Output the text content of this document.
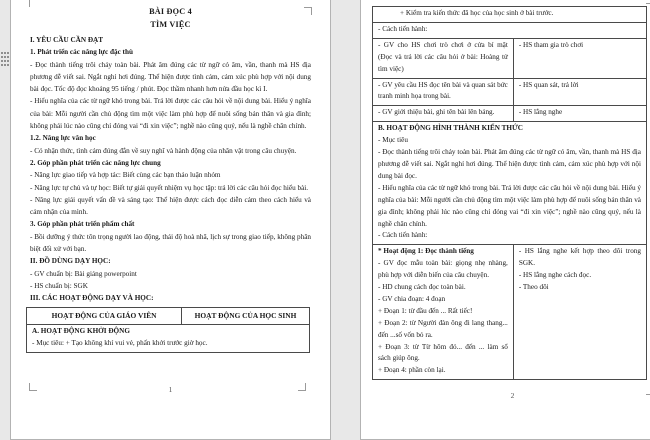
BÀI ĐỌC 4
TÌM VIỆC
I. YÊU CẦU CẦN ĐẠT
1. Phát triển các năng lực đặc thù
- Đọc thành tiếng trôi chảy toàn bài. Phát âm đúng các từ ngữ có âm, vần, thanh mà HS địa phương dễ viết sai. Ngắt nghỉ hơi đúng. Thể hiện được tình cảm, cảm xúc phù hợp với nội dung bài đọc. Tốc độ đọc khoảng 95 tiếng / phút. Đọc thầm nhanh hơn nửa đầu học kì I.
- Hiểu nghĩa của các từ ngữ khó trong bài. Trả lời được các câu hỏi về nội dung bài. Hiểu ý nghĩa của bài: Mỗi người cần chủ động tìm một việc làm phù hợp để nuôi sống bản thân và gia đình; không phải lúc nào cũng chỉ đóng vai “đi xin việc”; nghề nào cũng quý, nếu là nghề chân chính.
1.2. Năng lực văn học
- Có nhận thức, tình cảm đúng đắn về suy nghĩ và hành động của nhân vật trong câu chuyện.
2. Góp phần phát triển các năng lực chung
- Năng lực giao tiếp và hợp tác: Biết cùng các bạn thảo luận nhóm
- Năng lực tự chủ và tự học: Biết tự giải quyết nhiệm vụ học tập: trả lời các câu hỏi đọc hiểu bài.
- Năng lực giải quyết vấn đề và sáng tạo: Thể hiện được cách đọc diễn cảm theo cách hiểu và cảm nhận của mình.
3. Góp phần phát triển phẩm chất
- Bồi dưỡng ý thức tôn trọng người lao động, thái độ hoà nhã, lịch sự trong giao tiếp, không phân biệt đối xử với bạn.
II. ĐỒ DÙNG DẠY HỌC:
- GV chuẩn bị: Bài giảng powerpoint
- HS chuẩn bị: SGK
III. CÁC HOẠT ĐỘNG DẠY VÀ HỌC:
HOẠT ĐỘNG CỦA GIÁO VIÊN	HOẠT ĐỘNG CỦA HỌC SINH
A. HOẠT ĐỘNG KHỞI ĐỘNG
- Mục tiêu: + Tạo không khí vui vẻ, phấn khởi trước giờ học.
1
+ Kiểm tra kiến thức đã học của học sinh ở bài trước.
- Cách tiến hành:
- GV cho HS chơi trò chơi ở cửa bí mật (Đọc và trả lời các câu hỏi ở bài: Hoàng tử tìm việc)
- HS tham gia trò chơi
- GV yêu cầu HS đọc tên bài và quan sát bức tranh minh họa trong bài.
- HS quan sát, trả lời
- GV giới thiệu bài, ghi tên bài lên bảng.	- HS lắng nghe
B. HOẠT ĐỘNG HÌNH THÀNH KIẾN THỨC
- Mục tiêu
- Đọc thành tiếng trôi chảy toàn bài. Phát âm đúng các từ ngữ có âm, vần, thanh mà HS địa phương dễ viết sai. Ngắt nghỉ hơi đúng. Thể hiện được tình cảm, cảm xúc phù hợp với nội dung bài đọc.
- Hiểu nghĩa của các từ ngữ khó trong bài. Trả lời được các câu hỏi về nội dung bài. Hiểu ý nghĩa của bài: Mỗi người cần chủ động tìm một việc làm phù hợp để nuôi sống bản thân và gia đình; không phải lúc nào cũng chỉ đóng vai “đi xin việc”; nghề nào cũng quý, nếu là nghề chân chính.
- Cách tiến hành:
* Hoạt động 1: Đọc thành tiếng
- GV đọc mẫu toàn bài: giọng nhẹ nhàng, phù hợp với diễn biến của câu chuyện.
- HD chung cách đọc toàn bài.
- GV chia đoạn: 4 đoạn
+ Đoạn 1: từ đầu đến ... Rất tiếc!
+ Đoạn 2: từ Người đàn ông đi lang thang... đến ...số vốn bỏ ra.
+ Đoạn 3: từ Từ hôm đó... đến ... làm sổ sách giúp ông.
+ Đoạn 4: phần còn lại.
- HS lắng nghe kết hợp theo dõi trong SGK.
- HS lắng nghe cách đọc.
- Theo dõi
2
